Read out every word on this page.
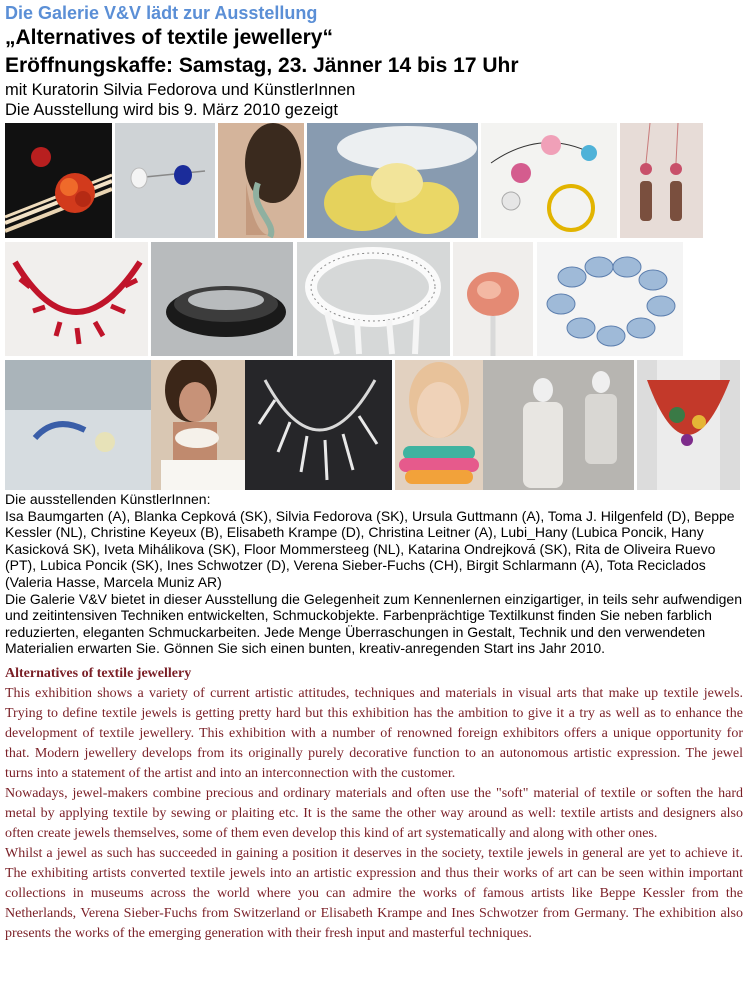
Die Galerie V&V lädt zur Ausstellung
„Alternatives of textile jewellery“
Eröffnungskaffe: Samstag, 23. Jänner 14 bis 17 Uhr
mit Kuratorin Silvia Fedorova und KünstlerInnen
Die Ausstellung wird bis 9. März 2010 gezeigt

Die ausstellenden KünstlerInnen:

Isa Baumgarten (A), Blanka Cepková (SK), Silvia Fedorova (SK), Ursula Guttmann (A), Toma J. Hilgenfeld (D), Beppe Kessler (NL), Christine Keyeux (B), Elisabeth Krampe (D), Christina Leitner (A), Lubi_Hany (Lubica Poncik, Hany Kasicková SK), Iveta Mihálikova (SK), Floor Mommersteeg (NL), Katarina Ondrejková (SK), Rita de Oliveira Ruevo (PT), Lubica Poncik (SK), Ines Schwotzer (D), Verena Sieber-Fuchs (CH), Birgit Schlarmann (A), Tota Reciclados

(Valeria Hasse, Marcela Muniz AR)

Die Galerie V&V bietet in dieser Ausstellung die Gelegenheit zum Kennenlernen einzigartiger, in teils sehr aufwendigen und zeitintensiven Techniken entwickelten, Schmuckobjekte. Farbenprächtige Textilkunst finden Sie neben farblich reduzierten, eleganten Schmuckarbeiten. Jede Menge Überraschungen in Gestalt, Technik und den verwendeten Materialien erwarten Sie. Gönnen Sie sich einen bunten, kreativ-anregenden Start ins Jahr 2010.

Alternatives of textile jewellery

This exhibition shows a variety of current artistic attitudes, techniques and materials in visual arts that make up textile jewels. Trying to define textile jewels is getting pretty hard but this exhibition has the ambition to give it a try as well as to enhance the development of textile jewellery. This exhibition with a number of renowned foreign exhibitors offers a unique opportunity for that. Modern jewellery develops from its originally purely decorative function to an autonomous artistic expression. The jewel turns into a statement of the artist and into an interconnection with the customer.

Nowadays, jewel-makers combine precious and ordinary materials and often use the "soft" material of textile or soften the hard metal by applying textile by sewing or plaiting etc. It is the same the other way around as well: textile artists and designers also often create jewels themselves, some of them even develop this kind of art systematically and along with other ones.

Whilst a jewel as such has succeeded in gaining a position it deserves in the society, textile jewels in general are yet to achieve it. The exhibiting artists converted textile jewels into an artistic expression and thus their works of art can be seen within important collections in museums across the world where you can admire the works of famous artists like Beppe Kessler from the Netherlands, Verena Sieber-Fuchs from Switzerland or Elisabeth Krampe and Ines Schwotzer from Germany. The exhibition also presents the works of the emerging generation with their fresh input and masterful techniques.
